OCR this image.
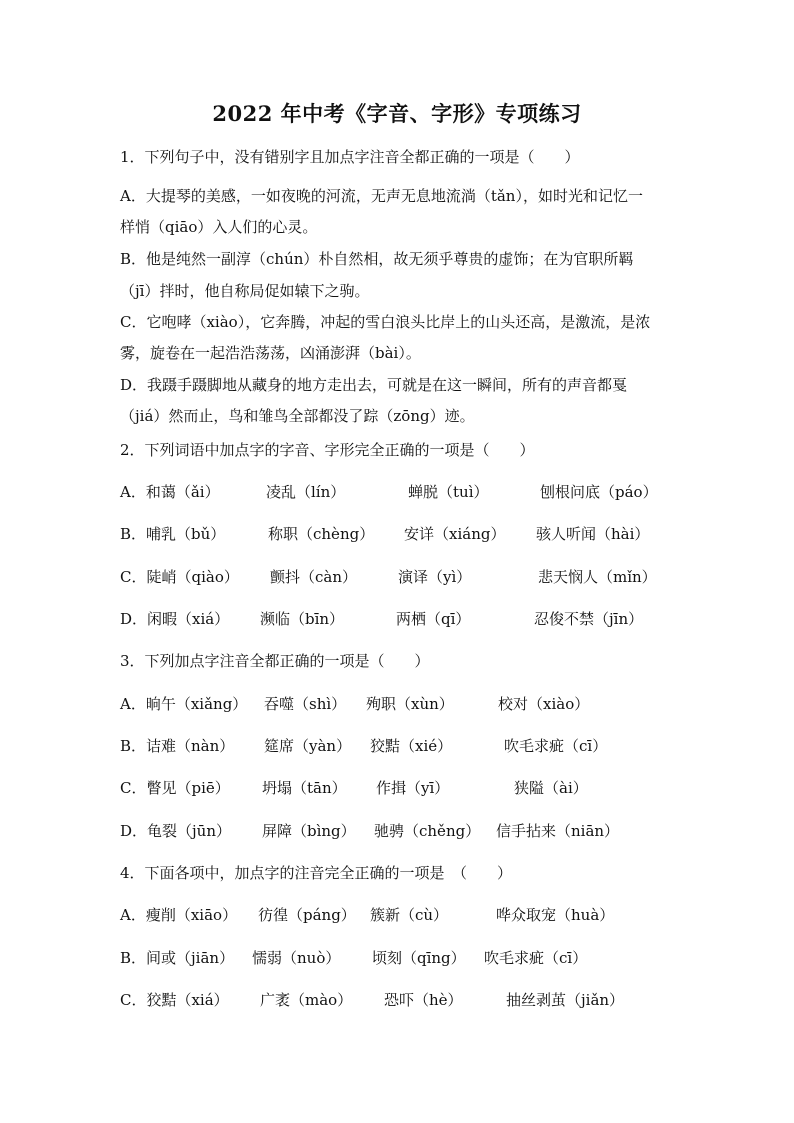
2022 年中考《字音、字形》专项练习
1．下列句子中，没有错别字且加点字注音全都正确的一项是（　　）
A．大提琴的美感，一如夜晚的河流，无声无息地流淌（tǎn），如时光和记忆一
样悄（qiāo）入人们的心灵。
B．他是纯然一副淳（chún）朴自然相，故无须乎尊贵的虚饰；在为官职所羁
（jī）拌时，他自称局促如辕下之驹。
C．它咆哮（xiào），它奔腾，冲起的雪白浪头比岸上的山头还高，是激流，是浓
雾，旋卷在一起浩浩荡荡，凶涌澎湃（bài）。
D．我蹑手蹑脚地从藏身的地方走出去，可就是在这一瞬间，所有的声音都戛
（jiá）然而止，鸟和雏鸟全部都没了踪（zōng）迹。
2．下列词语中加点字的字音、字形完全正确的一项是（　　）
A．和蔼（ǎi）	凌乱（lín）	蝉脱（tuì）	刨根问底（páo）
B．哺乳（bǔ）	称职（chèng） 安详（xiáng） 骇人听闻（hài）
C．陡峭（qiào） 颤抖（càn）	演译（yì）	悲天悯人（mǐn）
D．闲暇（xiá） 濒临（bīn）	两栖（qī）	忍俊不禁（jīn）
3．下列加点字注音全都正确的一项是（　　）
A．晌午（xiǎng） 吞噬（shì） 殉职（xùn）	校对（xiào）
B．诘难（nàn） 筵席（yàn） 狡黠（xié）	吹毛求疵（cī）
C．瞥见（piē） 坍塌（tān） 作揖（yī）	狭隘（ài）
D．龟裂（jūn） 屏障（bìng） 驰骋（chěng） 信手拈来（niān）
4．下面各项中，加点字的注音完全正确的一项是　（　　）
A．瘦削（xiāo） 彷徨（páng） 簇新（cù）	哗众取宠（huà）
B．间或（jiān） 懦弱（nuò） 顷刻（qīng） 吹毛求疵（cī）
C．狡黠（xiá） 广袤（mào） 恐吓（hè）	抽丝剥茧（jiǎn）
